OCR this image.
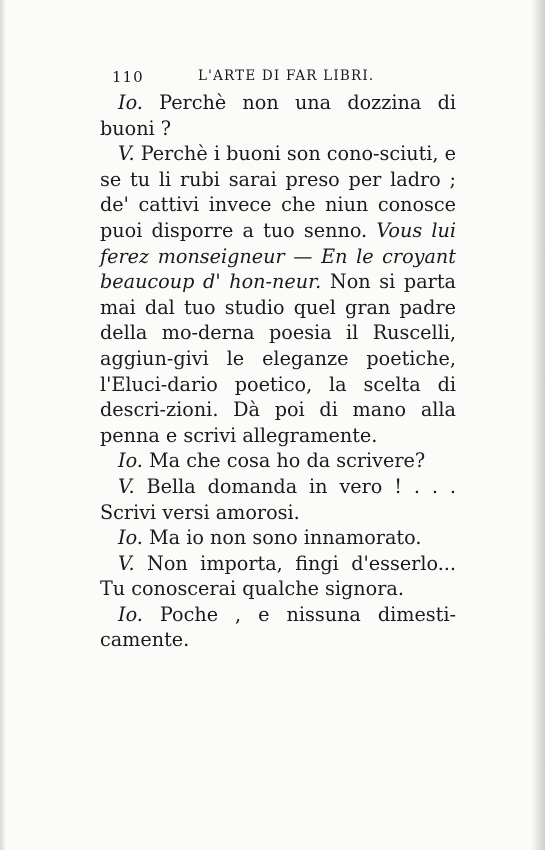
110	L'ARTE DI FAR LIBRI.

Io. Perchè non una dozzina di buoni ?

V. Perchè i buoni son cono-sciuti, e se tu li rubi sarai preso per ladro ; de' cattivi invece che niun conosce puoi disporre a tuo senno. Vous lui ferez monseigneur — En le croyant beaucoup d' hon-neur. Non si parta mai dal tuo studio quel gran padre della mo-derna poesia il Ruscelli, aggiun-givi le eleganze poetiche, l'Eluci-dario poetico, la scelta di descri-zioni. Dà poi di mano alla penna e scrivi allegramente.

Io. Ma che cosa ho da scrivere?

V. Bella domanda in vero ! . . . Scrivi versi amorosi.

Io. Ma io non sono innamorato.

V. Non importa, fingi d'esserlo... Tu conoscerai qualche signora.

Io. Poche , e nissuna dimesti-camente.
